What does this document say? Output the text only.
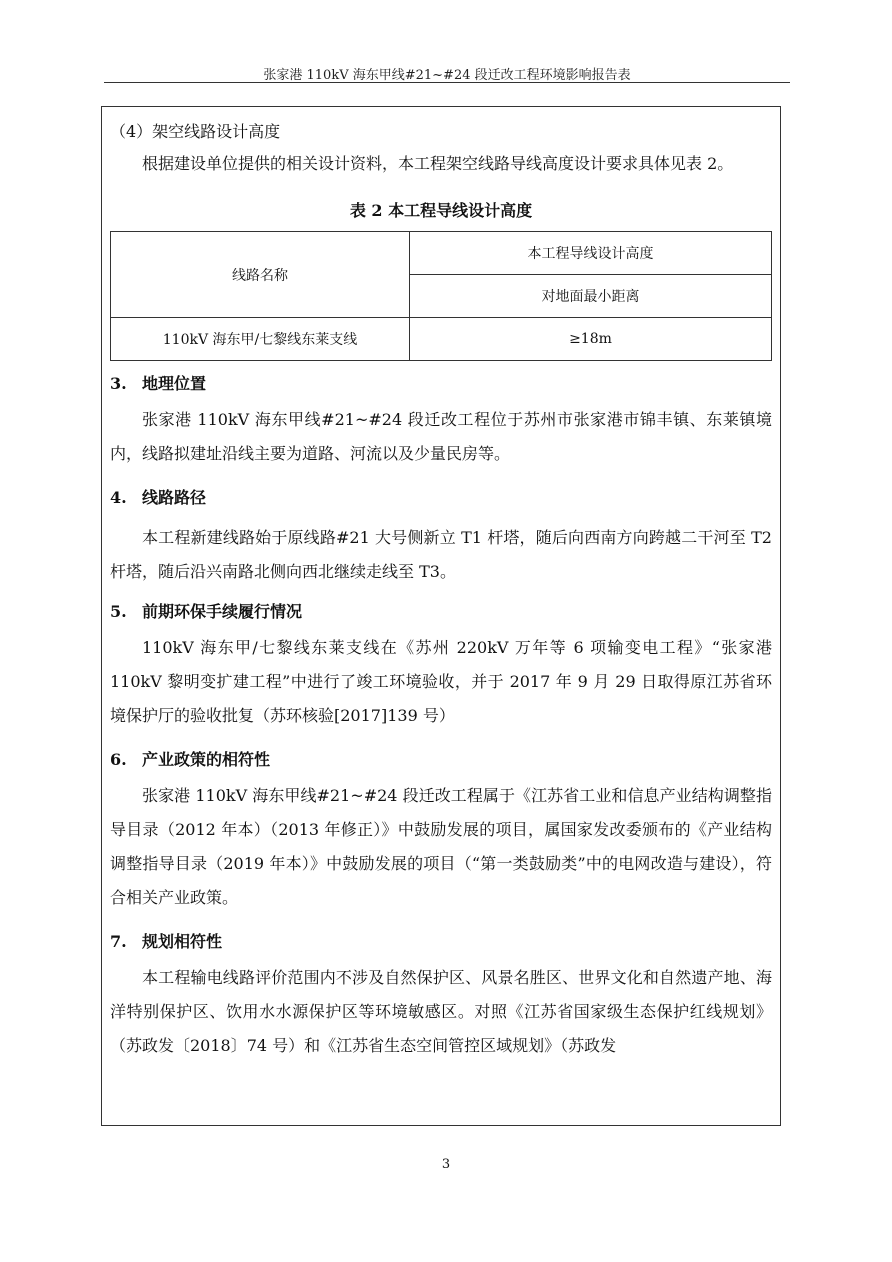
张家港 110kV 海东甲线#21~#24 段迁改工程环境影响报告表

（4）架空线路设计高度

根据建设单位提供的相关设计资料，本工程架空线路导线高度设计要求具体见表 2。

表 2 本工程导线设计高度
线路名称	本工程导线设计高度
	对地面最小距离
110kV 海东甲/七黎线东莱支线	≥18m
3. 地理位置

张家港 110kV 海东甲线#21~#24 段迁改工程位于苏州市张家港市锦丰镇、东莱镇境内，线路拟建址沿线主要为道路、河流以及少量民房等。

4. 线路路径

本工程新建线路始于原线路#21 大号侧新立 T1 杆塔，随后向西南方向跨越二干河至 T2 杆塔，随后沿兴南路北侧向西北继续走线至 T3。

5. 前期环保手续履行情况

110kV 海东甲/七黎线东莱支线在《苏州 220kV 万年等 6 项输变电工程》“张家港 110kV 黎明变扩建工程”中进行了竣工环境验收，并于 2017 年 9 月 29 日取得原江苏省环境保护厅的验收批复（苏环核验[2017]139 号）

6. 产业政策的相符性

张家港 110kV 海东甲线#21~#24 段迁改工程属于《江苏省工业和信息产业结构调整指导目录（2012 年本）（2013 年修正）》中鼓励发展的项目，属国家发改委颁布的《产业结构调整指导目录（2019 年本）》中鼓励发展的项目（“第一类鼓励类”中的电网改造与建设），符合相关产业政策。

7. 规划相符性

本工程输电线路评价范围内不涉及自然保护区、风景名胜区、世界文化和自然遗产地、海洋特别保护区、饮用水水源保护区等环境敏感区。对照《江苏省国家级生态保护红线规划》（苏政发〔2018〕74 号）和《江苏省生态空间管控区域规划》（苏政发

3
